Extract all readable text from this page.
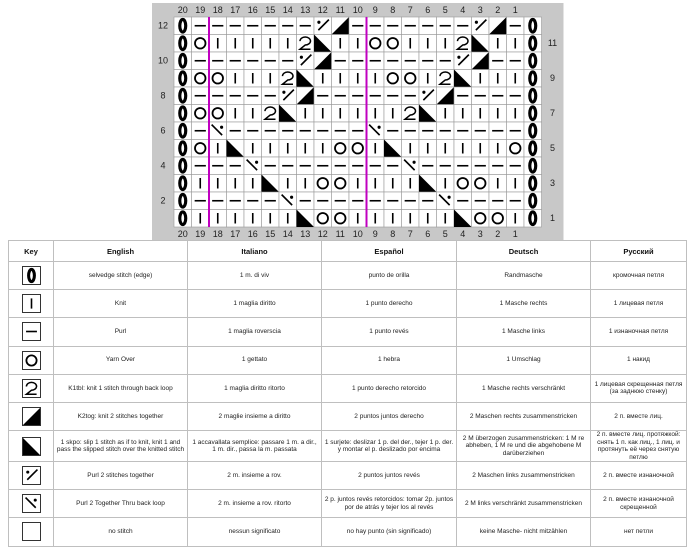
20
20
19
19
18
18
17
17
16
16
15
15
14
14
13
13
12
12
11
11
10
10
9
9
8
8
7
7
6
6
5
5
4
4
3
3
2
2
1
1
12
10
8
6
4
2
11
9
7
5
3
1
Key	English	Italiano	Español	Deutsch	Русский

	selvedge stitch (edge)	1 m. di viv	punto de orilla	Randmasche	кромочная петля

	Knit	1 maglia diritto	1 punto derecho	1 Masche rechts	1 лицевая петля

	Purl	1 maglia roverscia	1 punto revés	1 Masche links	1 изнаночная петля

	Yarn Over	1 gettato	1 hebra	1 Umschlag	1 накид

	K1tbl: knit 1 stitch through back loop	1 maglia diritto ritorto	1 punto derecho retorcido	1 Masche rechts verschränkt	1 лицевая скрещенная петля (за заднюю стенку)

	K2tog: knit 2 stitches together	2 maglie insieme a diritto	2 puntos juntos derecho	2 Maschen rechts zusammenstricken	2 п. вместе лиц.

	1 skpo: slip 1 stitch as if to knit, knit 1 and pass the slipped stitch over the knitted stitch	1 accavallata semplice: passare 1 m. a dir., 1 m. dir., passa la m. passata	1 surjete: deslizar 1 p. del der., tejer 1 p. der. y montar el p. deslizado por encima	2 M überzogen zusammenstricken: 1 M re abheben, 1 M re und die abgehobene M darüberziehen	2 п. вместе лиц. протяжкой: снять 1 п. как лиц., 1 лиц. и протянуть её через снятую петлю

	Purl 2 stitches together	2 m. insieme a rov.	2 puntos juntos revés	2 Maschen links zusammenstricken	2 п. вместе изнаночной

	Purl 2 Together Thru back loop	2 m. insieme a rov. ritorto	2 p. juntos revés retorcidos: tomar 2p. juntos por de atrás y tejer los al revés	2 M links verschränkt zusammenstricken	2 п. вместе изнаночной скрещенной

	no stitch	nessun significato	no hay punto (sin significado)	keine Masche- nicht mitzählen	нет петли
